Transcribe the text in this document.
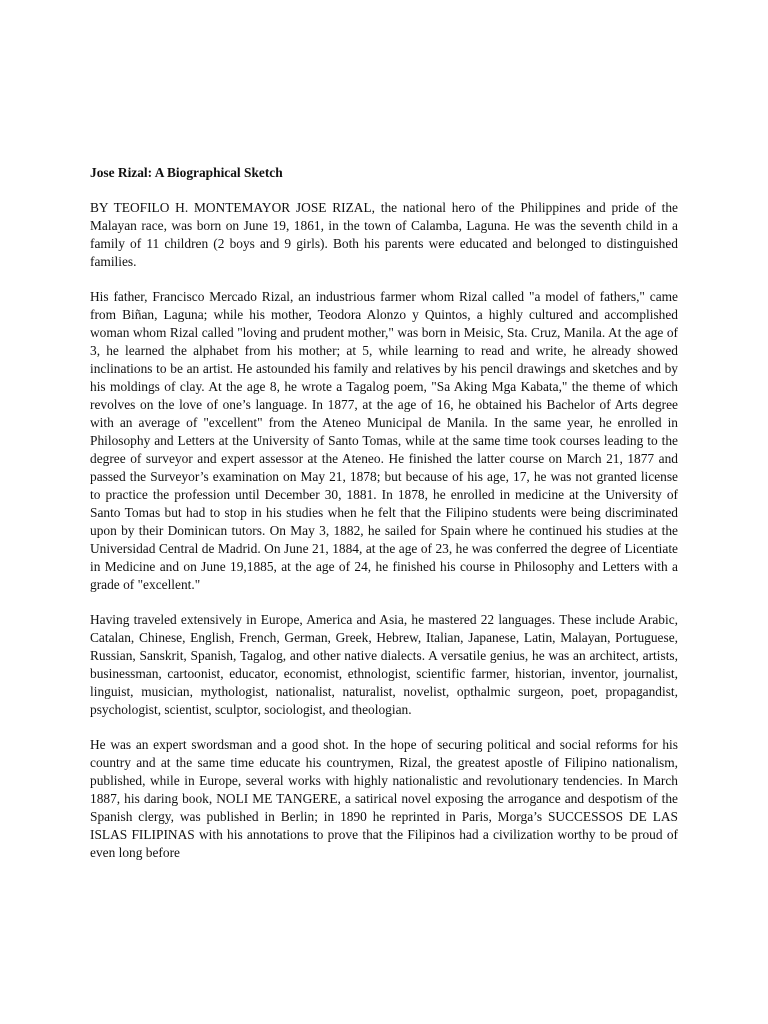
Jose Rizal: A Biographical Sketch

BY TEOFILO H. MONTEMAYOR JOSE RIZAL, the national hero of the Philippines and pride of the Malayan race, was born on June 19, 1861, in the town of Calamba, Laguna. He was the seventh child in a family of 11 children (2 boys and 9 girls). Both his parents were educated and belonged to distinguished families.

His father, Francisco Mercado Rizal, an industrious farmer whom Rizal called "a model of fathers," came from Biñan, Laguna; while his mother, Teodora Alonzo y Quintos, a highly cultured and accomplished woman whom Rizal called "loving and prudent mother," was born in Meisic, Sta. Cruz, Manila. At the age of 3, he learned the alphabet from his mother; at 5, while learning to read and write, he already showed inclinations to be an artist. He astounded his family and relatives by his pencil drawings and sketches and by his moldings of clay. At the age 8, he wrote a Tagalog poem, "Sa Aking Mga Kabata," the theme of which revolves on the love of one’s language. In 1877, at the age of 16, he obtained his Bachelor of Arts degree with an average of "excellent" from the Ateneo Municipal de Manila. In the same year, he enrolled in Philosophy and Letters at the University of Santo Tomas, while at the same time took courses leading to the degree of surveyor and expert assessor at the Ateneo. He finished the latter course on March 21, 1877 and passed the Surveyor’s examination on May 21, 1878; but because of his age, 17, he was not granted license to practice the profession until December 30, 1881. In 1878, he enrolled in medicine at the University of Santo Tomas but had to stop in his studies when he felt that the Filipino students were being discriminated upon by their Dominican tutors. On May 3, 1882, he sailed for Spain where he continued his studies at the Universidad Central de Madrid. On June 21, 1884, at the age of 23, he was conferred the degree of Licentiate in Medicine and on June 19,1885, at the age of 24, he finished his course in Philosophy and Letters with a grade of "excellent."

Having traveled extensively in Europe, America and Asia, he mastered 22 languages. These include Arabic, Catalan, Chinese, English, French, German, Greek, Hebrew, Italian, Japanese, Latin, Malayan, Portuguese, Russian, Sanskrit, Spanish, Tagalog, and other native dialects. A versatile genius, he was an architect, artists, businessman, cartoonist, educator, economist, ethnologist, scientific farmer, historian, inventor, journalist, linguist, musician, mythologist, nationalist, naturalist, novelist, opthalmic surgeon, poet, propagandist, psychologist, scientist, sculptor, sociologist, and theologian.

He was an expert swordsman and a good shot. In the hope of securing political and social reforms for his country and at the same time educate his countrymen, Rizal, the greatest apostle of Filipino nationalism, published, while in Europe, several works with highly nationalistic and revolutionary tendencies. In March 1887, his daring book, NOLI ME TANGERE, a satirical novel exposing the arrogance and despotism of the Spanish clergy, was published in Berlin; in 1890 he reprinted in Paris, Morga’s SUCCESSOS DE LAS ISLAS FILIPINAS with his annotations to prove that the Filipinos had a civilization worthy to be proud of even long before
